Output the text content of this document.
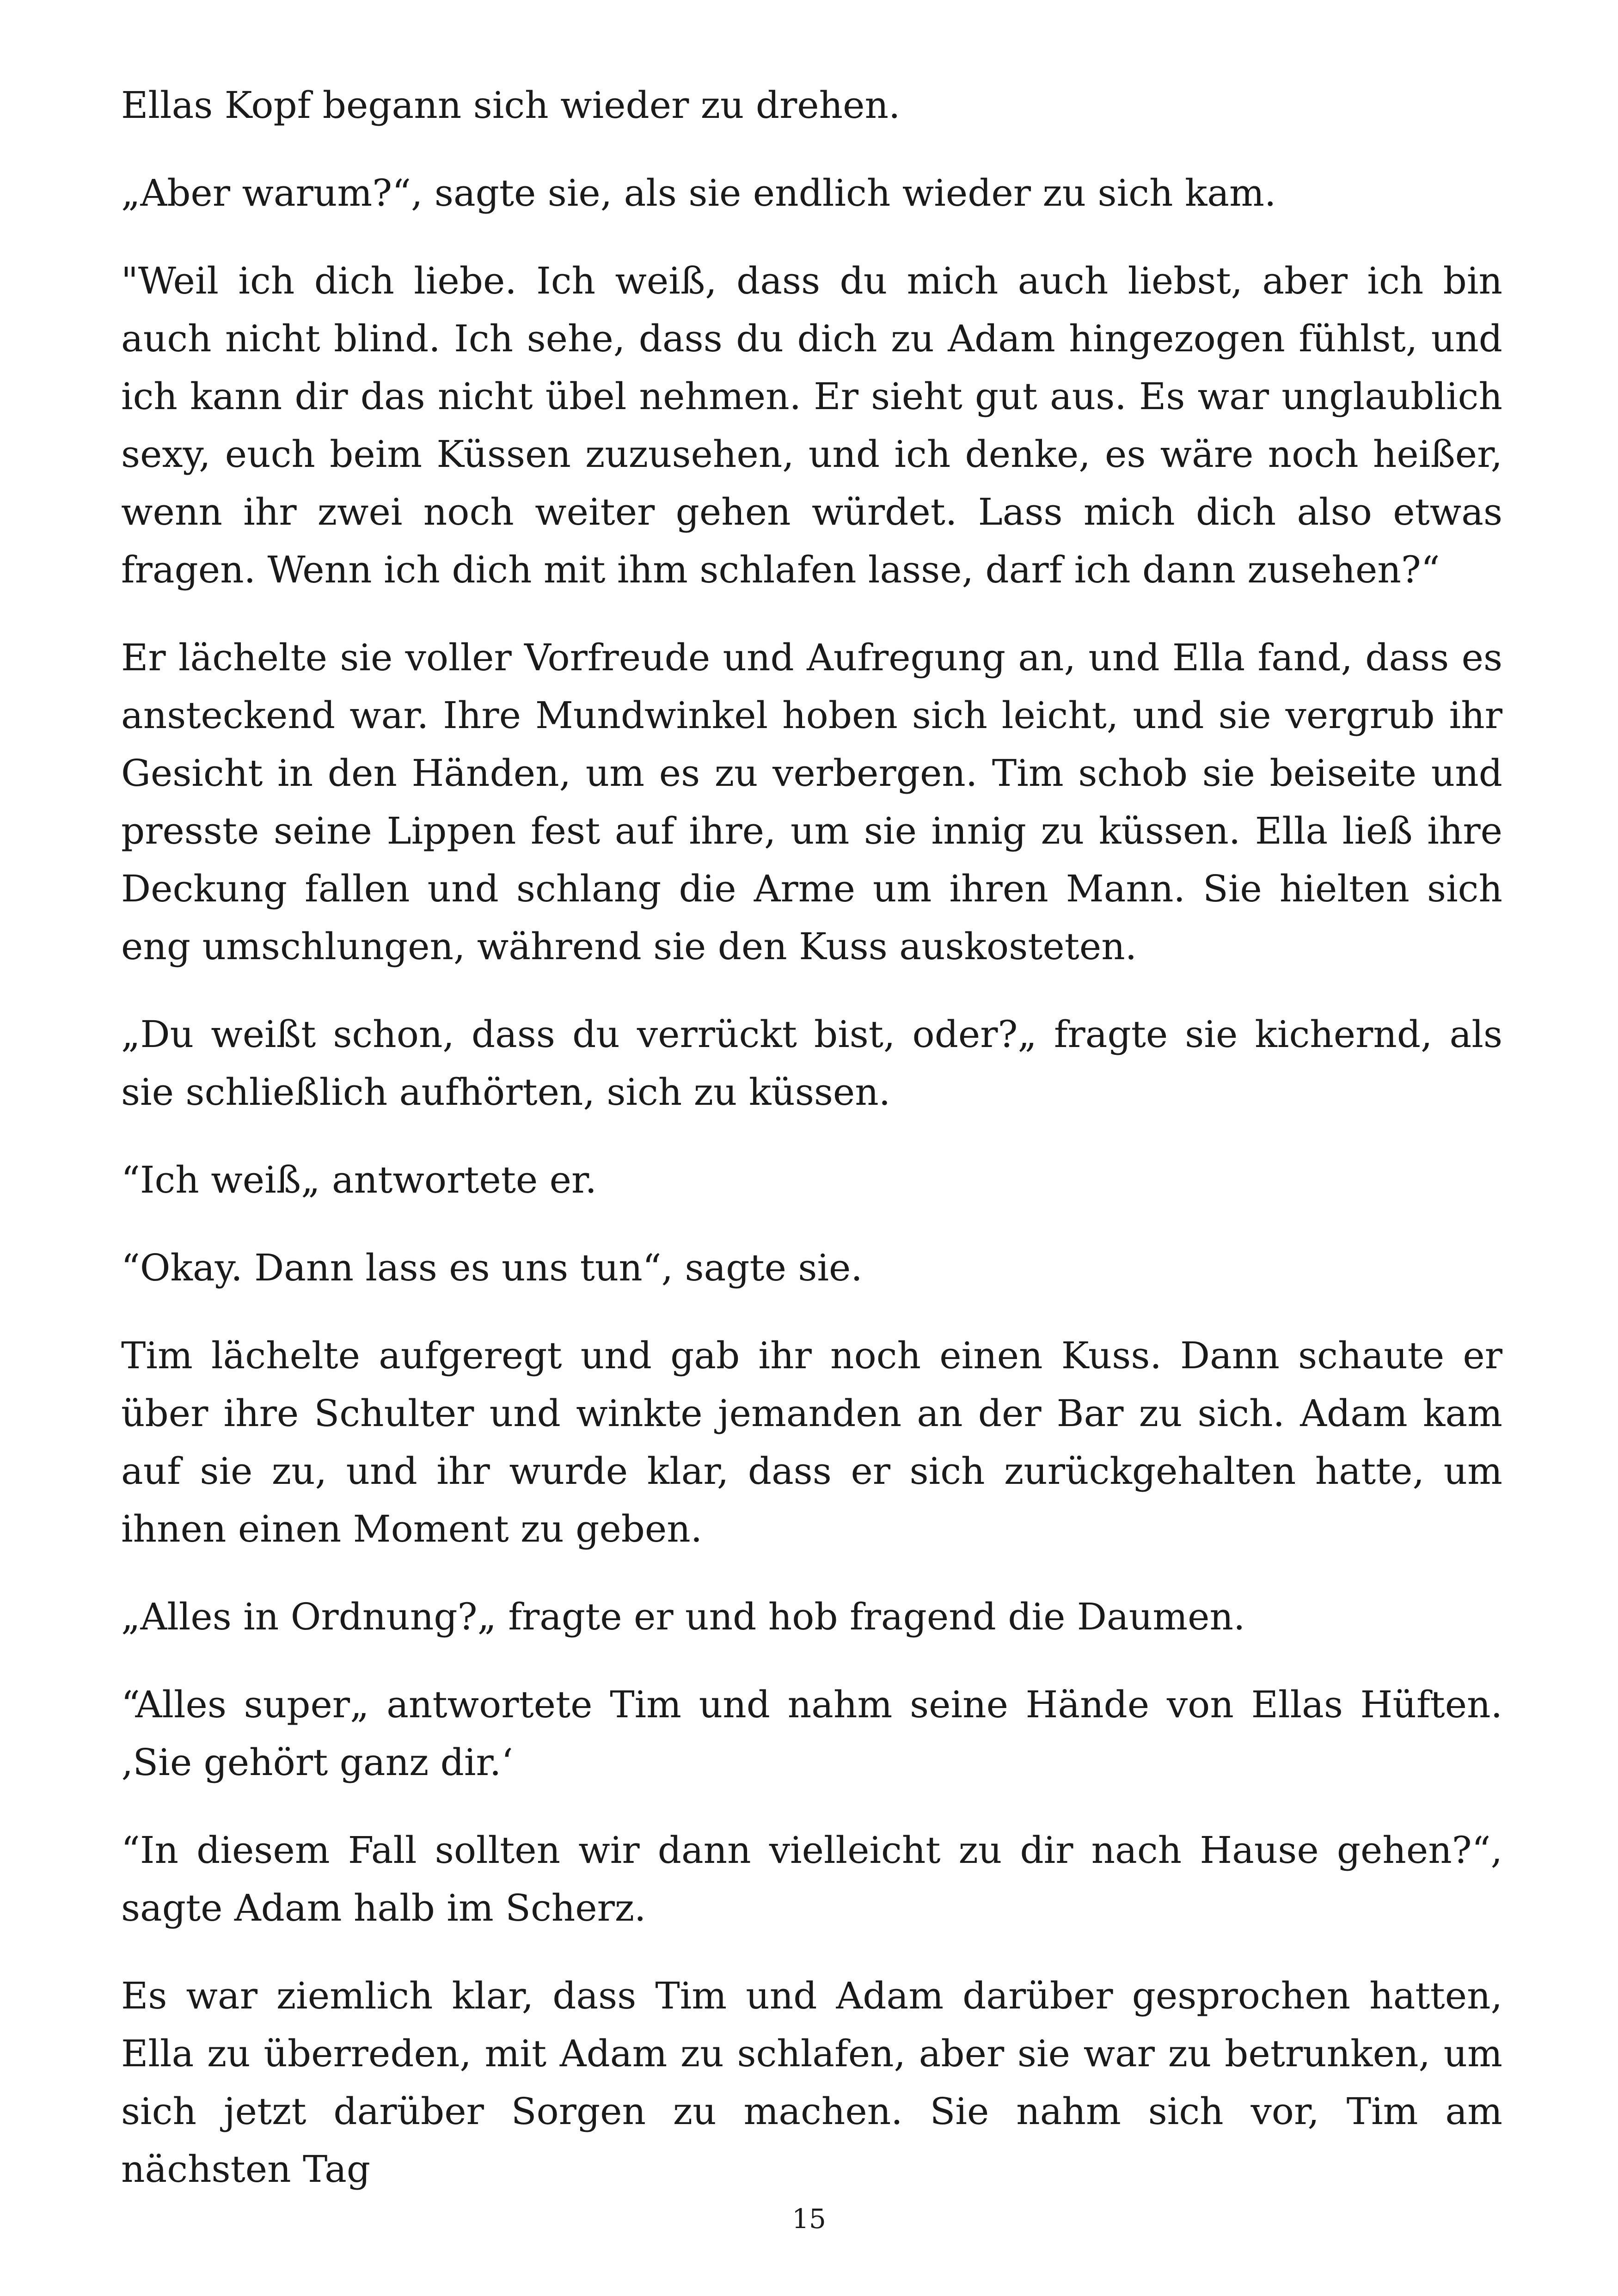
Ellas Kopf begann sich wieder zu drehen.

„Aber warum?“, sagte sie, als sie endlich wieder zu sich kam.

"Weil ich dich liebe. Ich weiß, dass du mich auch liebst, aber ich bin auch nicht blind. Ich sehe, dass du dich zu Adam hingezogen fühlst, und ich kann dir das nicht übel nehmen. Er sieht gut aus. Es war unglaublich sexy, euch beim Küssen zuzusehen, und ich denke, es wäre noch heißer, wenn ihr zwei noch weiter gehen würdet. Lass mich dich also etwas fragen. Wenn ich dich mit ihm schlafen lasse, darf ich dann zusehen?“

Er lächelte sie voller Vorfreude und Aufregung an, und Ella fand, dass es ansteckend war. Ihre Mundwinkel hoben sich leicht, und sie vergrub ihr Gesicht in den Händen, um es zu verbergen. Tim schob sie beiseite und presste seine Lippen fest auf ihre, um sie innig zu küssen. Ella ließ ihre Deckung fallen und schlang die Arme um ihren Mann. Sie hielten sich eng umschlungen, während sie den Kuss auskosteten.

„Du weißt schon, dass du verrückt bist, oder?„ fragte sie kichernd, als sie schließlich aufhörten, sich zu küssen.

“Ich weiß„ antwortete er.

“Okay. Dann lass es uns tun“, sagte sie.

Tim lächelte aufgeregt und gab ihr noch einen Kuss. Dann schaute er über ihre Schulter und winkte jemanden an der Bar zu sich. Adam kam auf sie zu, und ihr wurde klar, dass er sich zurückgehalten hatte, um ihnen einen Moment zu geben.

„Alles in Ordnung?„ fragte er und hob fragend die Daumen.

“Alles super„ antwortete Tim und nahm seine Hände von Ellas Hüften. ‚Sie gehört ganz dir.‘

“In diesem Fall sollten wir dann vielleicht zu dir nach Hause gehen?“, sagte Adam halb im Scherz.

Es war ziemlich klar, dass Tim und Adam darüber gesprochen hatten, Ella zu überreden, mit Adam zu schlafen, aber sie war zu betrunken, um sich jetzt darüber Sorgen zu machen. Sie nahm sich vor, Tim am nächsten Tag

15
